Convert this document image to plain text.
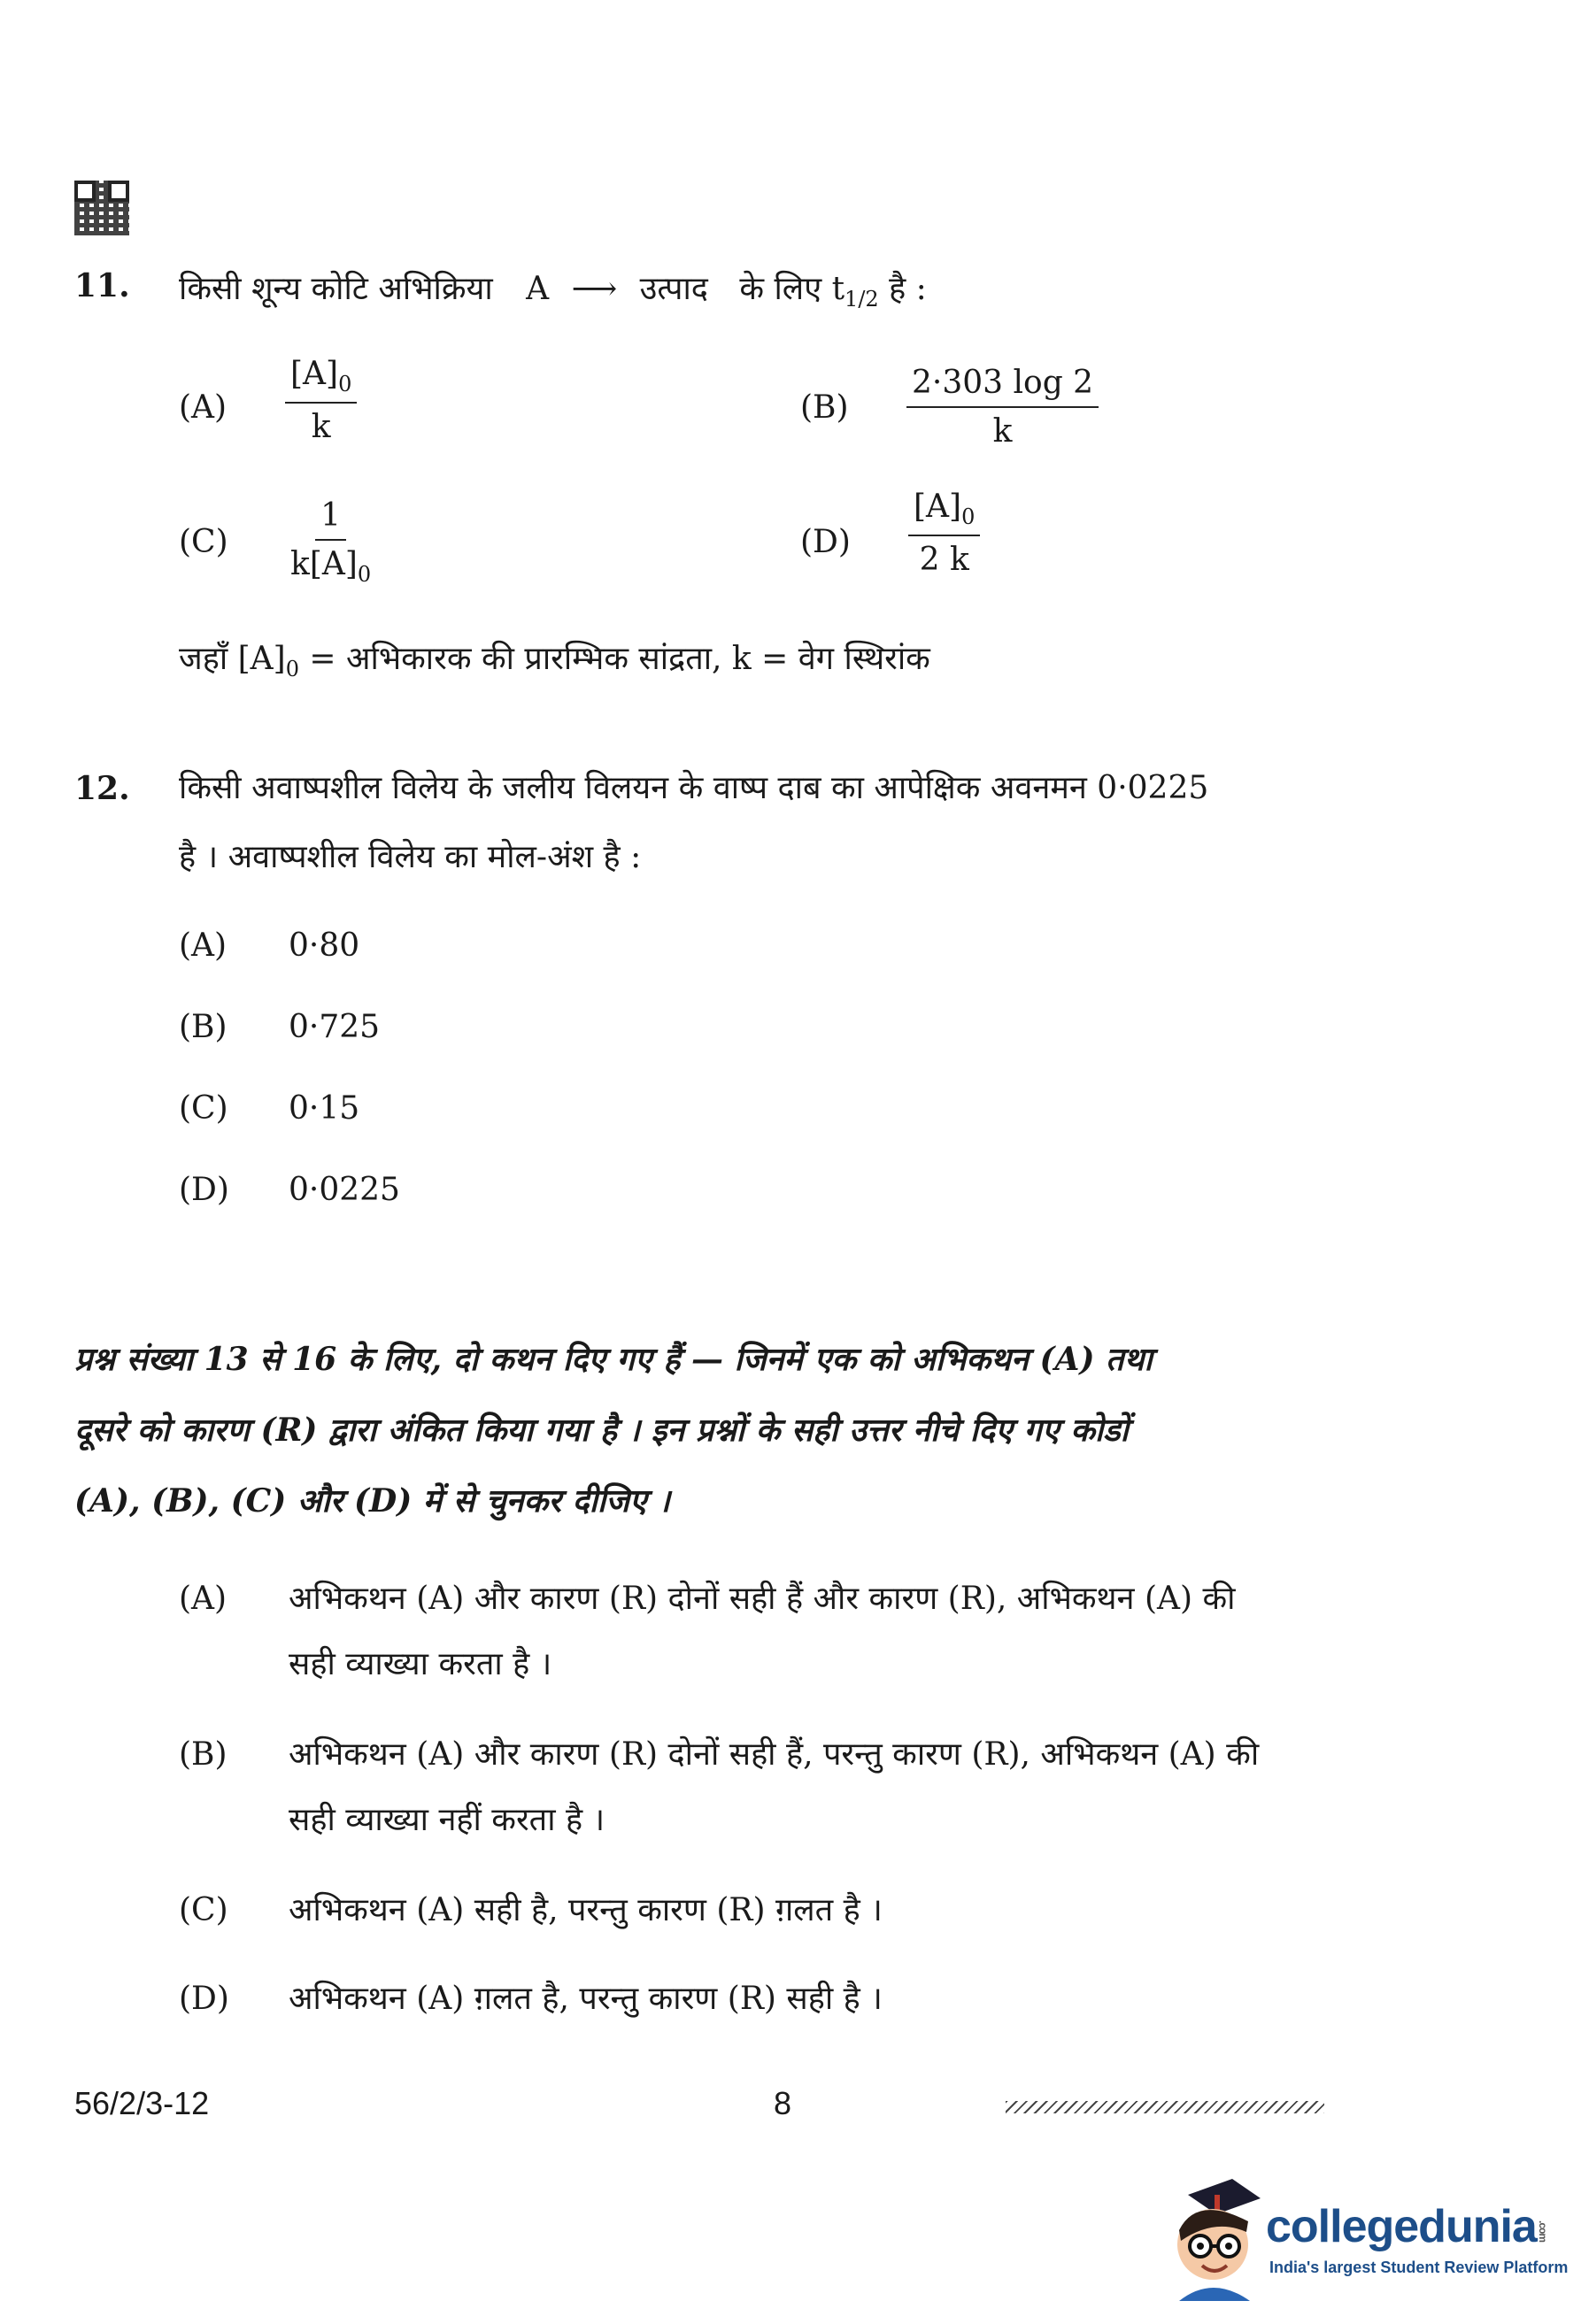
11. किसी शून्य कोटि अभिक्रिया A ⟶ उत्पाद के लिए $t_{1/2}$ है :
$(A) \frac{[A]_0}{k}$	$(B) \frac{2\cdot 303 \log 2}{k}$
$(C) \frac{1}{k[A]_0}$	$(D) \frac{[A]_0}{2 k}$
जहाँ $[A]_0$ = अभिकारक की प्रारम्भिक सांद्रता, k = वेग स्थिरांक
12. किसी अवाष्पशील विलेय के जलीय विलयन के वाष्प दाब का आपेक्षिक अवनमन 0·0225
है । अवाष्पशील विलेय का मोल-अंश है :
(A) 0·80
(B) 0·725
(C) 0·15
(D) 0·0225
प्रश्न संख्या 13 से 16 के लिए, दो कथन दिए गए हैं — जिनमें एक को अभिकथन (A) तथा
दूसरे को कारण (R) द्वारा अंकित किया गया है । इन प्रश्नों के सही उत्तर नीचे दिए गए कोडों
(A), (B), (C) और (D) में से चुनकर दीजिए ।
(A) अभिकथन (A) और कारण (R) दोनों सही हैं और कारण (R), अभिकथन (A) की
सही व्याख्या करता है ।
(B) अभिकथन (A) और कारण (R) दोनों सही हैं, परन्तु कारण (R), अभिकथन (A) की
सही व्याख्या नहीं करता है ।
(C) अभिकथन (A) सही है, परन्तु कारण (R) ग़लत है ।
(D) अभिकथन (A) ग़लत है, परन्तु कारण (R) सही है ।
56/2/3-12	8
collegedunia.com
India's largest Student Review Platform
